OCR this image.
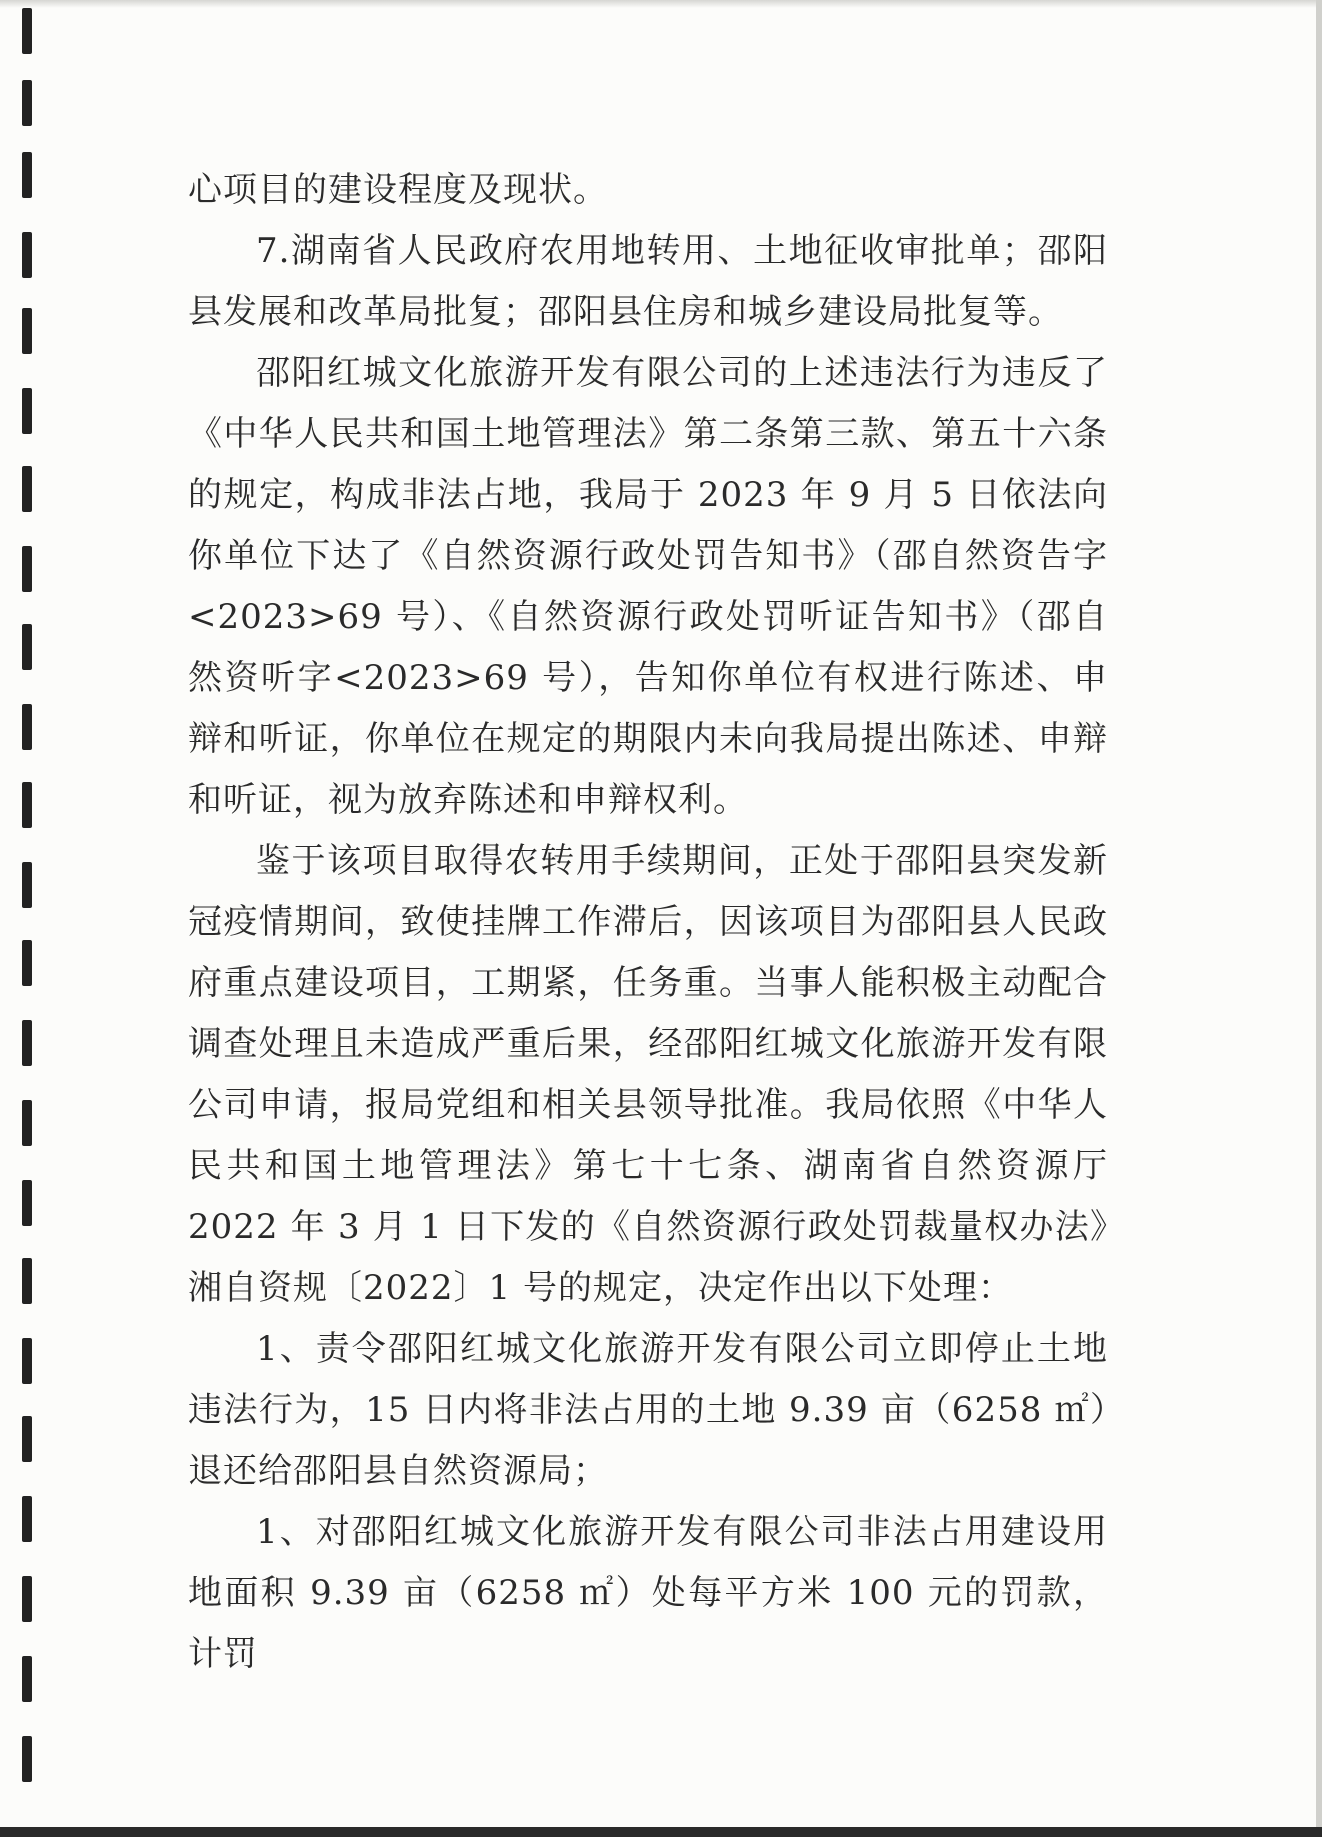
心项目的建设程度及现状。

7.湖南省人民政府农用地转用、土地征收审批单；邵阳县发展和改革局批复；邵阳县住房和城乡建设局批复等。

邵阳红城文化旅游开发有限公司的上述违法行为违反了《中华人民共和国土地管理法》第二条第三款、第五十六条的规定，构成非法占地，我局于 2023 年 9 月 5 日依法向你单位下达了《自然资源行政处罚告知书》（邵自然资告字<2023>69 号）、《自然资源行政处罚听证告知书》（邵自然资听字<2023>69 号），告知你单位有权进行陈述、申辩和听证，你单位在规定的期限内未向我局提出陈述、申辩和听证，视为放弃陈述和申辩权利。

鉴于该项目取得农转用手续期间，正处于邵阳县突发新冠疫情期间，致使挂牌工作滞后，因该项目为邵阳县人民政府重点建设项目，工期紧，任务重。当事人能积极主动配合调查处理且未造成严重后果，经邵阳红城文化旅游开发有限公司申请，报局党组和相关县领导批准。我局依照《中华人民共和国土地管理法》第七十七条、湖南省自然资源厅 2022 年 3 月 1 日下发的《自然资源行政处罚裁量权办法》湘自资规〔2022〕1 号的规定，决定作出以下处理：

1、责令邵阳红城文化旅游开发有限公司立即停止土地违法行为，15 日内将非法占用的土地 9.39 亩（6258 ㎡）退还给邵阳县自然资源局；

1、对邵阳红城文化旅游开发有限公司非法占用建设用地面积 9.39 亩（6258 ㎡）处每平方米 100 元的罚款，计罚
